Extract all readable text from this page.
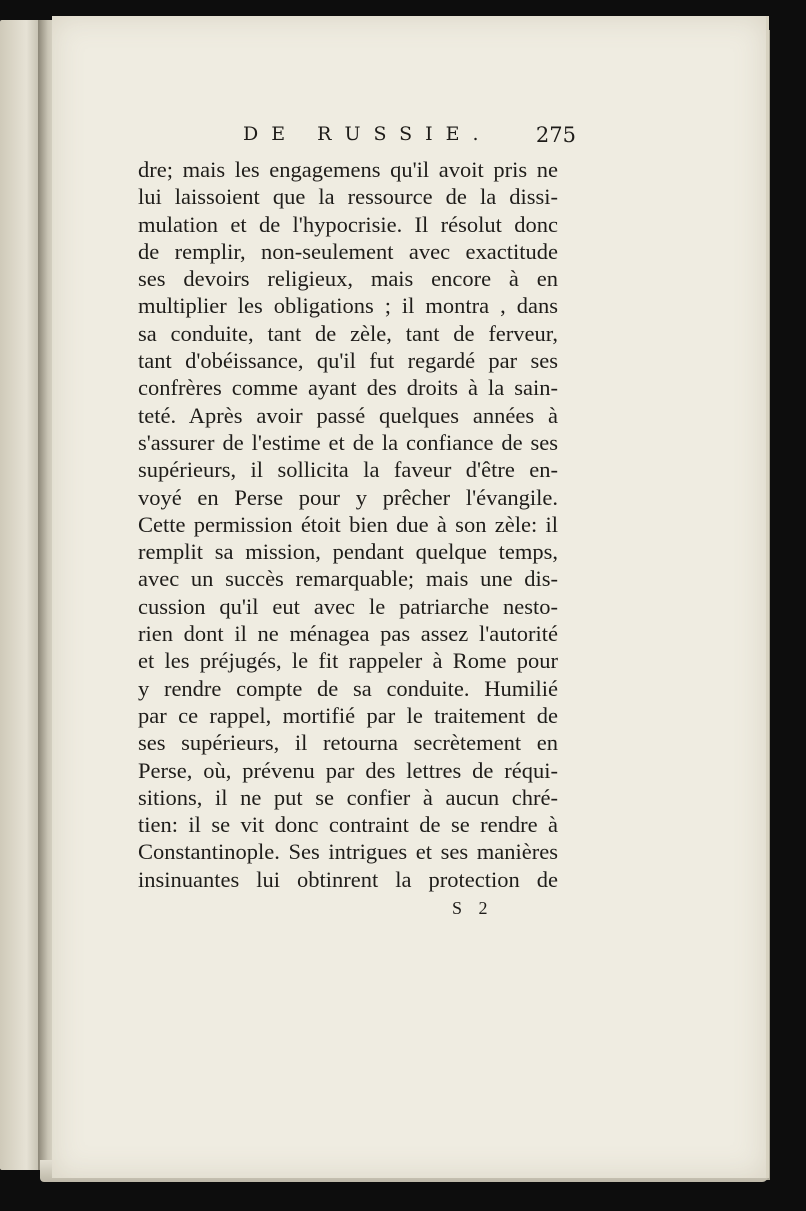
DE RUSSIE. 275
dre; mais les engagemens qu'il avoit pris ne
lui laissoient que la ressource de la dissi-
mulation et de l'hypocrisie. Il résolut donc
de remplir, non-seulement avec exactitude
ses devoirs religieux, mais encore à en
multiplier les obligations ; il montra , dans
sa conduite, tant de zèle, tant de ferveur,
tant d'obéissance, qu'il fut regardé par ses
confrères comme ayant des droits à la sain-
teté. Après avoir passé quelques années à
s'assurer de l'estime et de la confiance de ses
supérieurs, il sollicita la faveur d'être en-
voyé en Perse pour y prêcher l'évangile.
Cette permission étoit bien due à son zèle: il
remplit sa mission, pendant quelque temps,
avec un succès remarquable; mais une dis-
cussion qu'il eut avec le patriarche nesto-
rien dont il ne ménagea pas assez l'autorité
et les préjugés, le fit rappeler à Rome pour
y rendre compte de sa conduite. Humilié
par ce rappel, mortifié par le traitement de
ses supérieurs, il retourna secrètement en
Perse, où, prévenu par des lettres de réqui-
sitions, il ne put se confier à aucun chré-
tien: il se vit donc contraint de se rendre à
Constantinople. Ses intrigues et ses manières
insinuantes lui obtinrent la protection de
S 2
